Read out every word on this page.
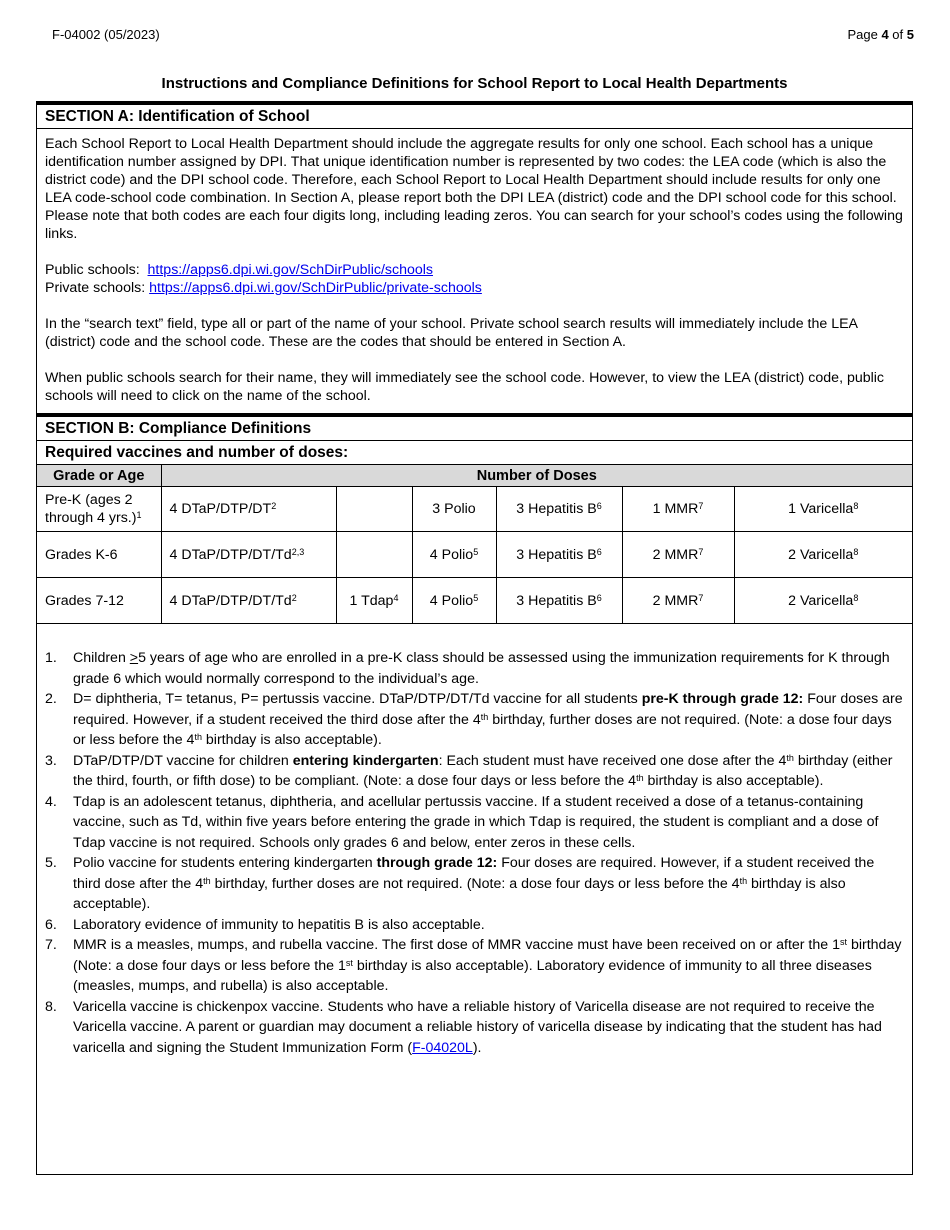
F-04002 (05/2023)	Page 4 of 5
Instructions and Compliance Definitions for School Report to Local Health Departments
SECTION A: Identification of School

Each School Report to Local Health Department should include the aggregate results for only one school. Each school has a unique identification number assigned by DPI. That unique identification number is represented by two codes: the LEA code (which is also the district code) and the DPI school code. Therefore, each School Report to Local Health Department should include results for only one LEA code-school code combination. In Section A, please report both the DPI LEA (district) code and the DPI school code for this school. Please note that both codes are each four digits long, including leading zeros. You can search for your school’s codes using the following links.

Public schools: https://apps6.dpi.wi.gov/SchDirPublic/schools
Private schools: https://apps6.dpi.wi.gov/SchDirPublic/private-schools

In the “search text” field, type all or part of the name of your school. Private school search results will immediately include the LEA (district) code and the school code. These are the codes that should be entered in Section A.

When public schools search for their name, they will immediately see the school code. However, to view the LEA (district) code, public schools will need to click on the name of the school.

SECTION B: Compliance Definitions
Required vaccines and number of doses:
Grade or Age	Number of Doses					
Pre-K (ages 2 through 4 yrs.)$^1$	4 DTaP/$DTP/DT^2$		3 Polio	3 Hepatitis $B^6$	1 MMR$^7$	1 Varicella$^8$
Grades K-6	4 DTaP/DTP/DT/Td$^{2,3}$		4 Polio$^5$	3 Hepatitis $B^6$	2 MMR$^7$	2 Varicella$^8$
Grades 7-12	4 DTaP/DTP/DT/Td$^2$	1 Tdap$^4$	4 Polio$^5$	3 Hepatitis $B^6$	2 MMR$^7$	2 Varicella$^8$
1.	Children >5 years of age who are enrolled in a pre-K class should be assessed using the immunization requirements for K through grade 6 which would normally correspond to the individual’s age.
2.	D= diphtheria, T= tetanus, P= pertussis vaccine. DTaP/DTP/DT/Td vaccine for all students pre-K through grade 12: Four doses are required. However, if a student received the third dose after the 4th birthday, further doses are not required. (Note: a dose four days or less before the 4th birthday is also acceptable).
3.	DTaP/DTP/DT vaccine for children entering kindergarten: Each student must have received one dose after the 4th birthday (either the third, fourth, or fifth dose) to be compliant. (Note: a dose four days or less before the 4th birthday is also acceptable).
4.	Tdap is an adolescent tetanus, diphtheria, and acellular pertussis vaccine. If a student received a dose of a tetanus-containing vaccine, such as Td, within five years before entering the grade in which Tdap is required, the student is compliant and a dose of Tdap vaccine is not required. Schools only grades 6 and below, enter zeros in these cells.
5.	Polio vaccine for students entering kindergarten through grade 12: Four doses are required. However, if a student received the third dose after the 4th birthday, further doses are not required. (Note: a dose four days or less before the 4th birthday is also acceptable).
6.	Laboratory evidence of immunity to hepatitis B is also acceptable.
7.	MMR is a measles, mumps, and rubella vaccine. The first dose of MMR vaccine must have been received on or after the 1st birthday (Note: a dose four days or less before the 1st birthday is also acceptable). Laboratory evidence of immunity to all three diseases (measles, mumps, and rubella) is also acceptable.
8.	Varicella vaccine is chickenpox vaccine. Students who have a reliable history of Varicella disease are not required to receive the Varicella vaccine. A parent or guardian may document a reliable history of varicella disease by indicating that the student has had varicella and signing the Student Immunization Form (F-04020L).
